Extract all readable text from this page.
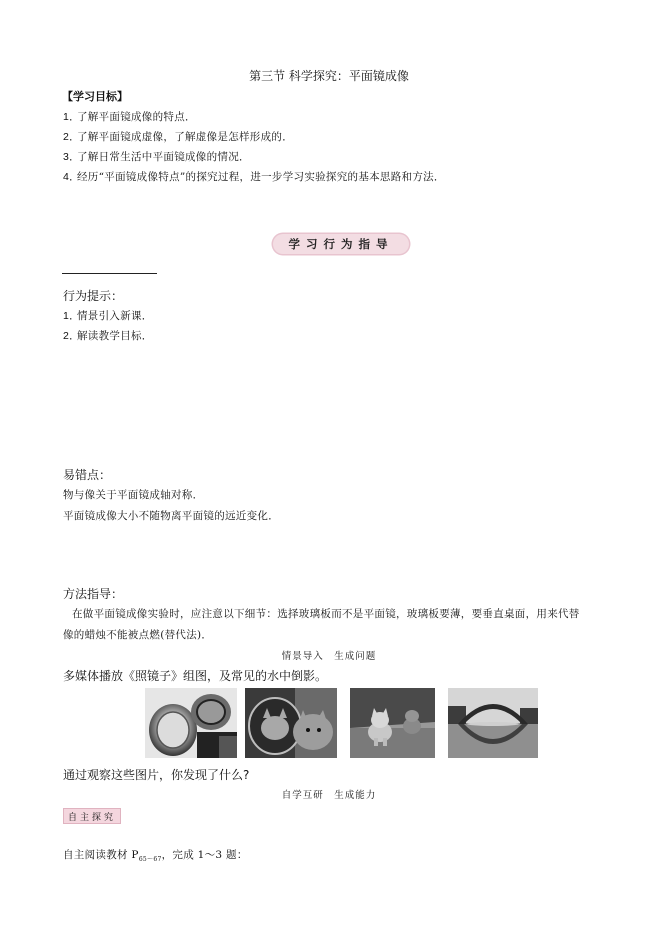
第三节 科学探究：平面镜成像
【学习目标】
1．了解平面镜成像的特点．
2．了解平面镜成虚像，了解虚像是怎样形成的．
3．了解日常生活中平面镜成像的情况．
4．经历“平面镜成像特点”的探究过程，进一步学习实验探究的基本思路和方法．
学习行为指导
行为提示：
1．情景引入新课．
2．解读教学目标．
易错点：
物与像关于平面镜成轴对称．
平面镜成像大小不随物离平面镜的远近变化．
方法指导：
在做平面镜成像实验时，应注意以下细节：选择玻璃板而不是平面镜，玻璃板要薄，要垂直桌面，用来代替
像的蜡烛不能被点燃(替代法)．
情景导入　生成问题
多媒体播放《照镜子》组图，及常见的水中倒影。
通过观察这些图片，你发现了什么?
自学互研　生成能力
自主探究
自主阅读教材 $P_{65\sim 67}$，完成 1～3 题：
